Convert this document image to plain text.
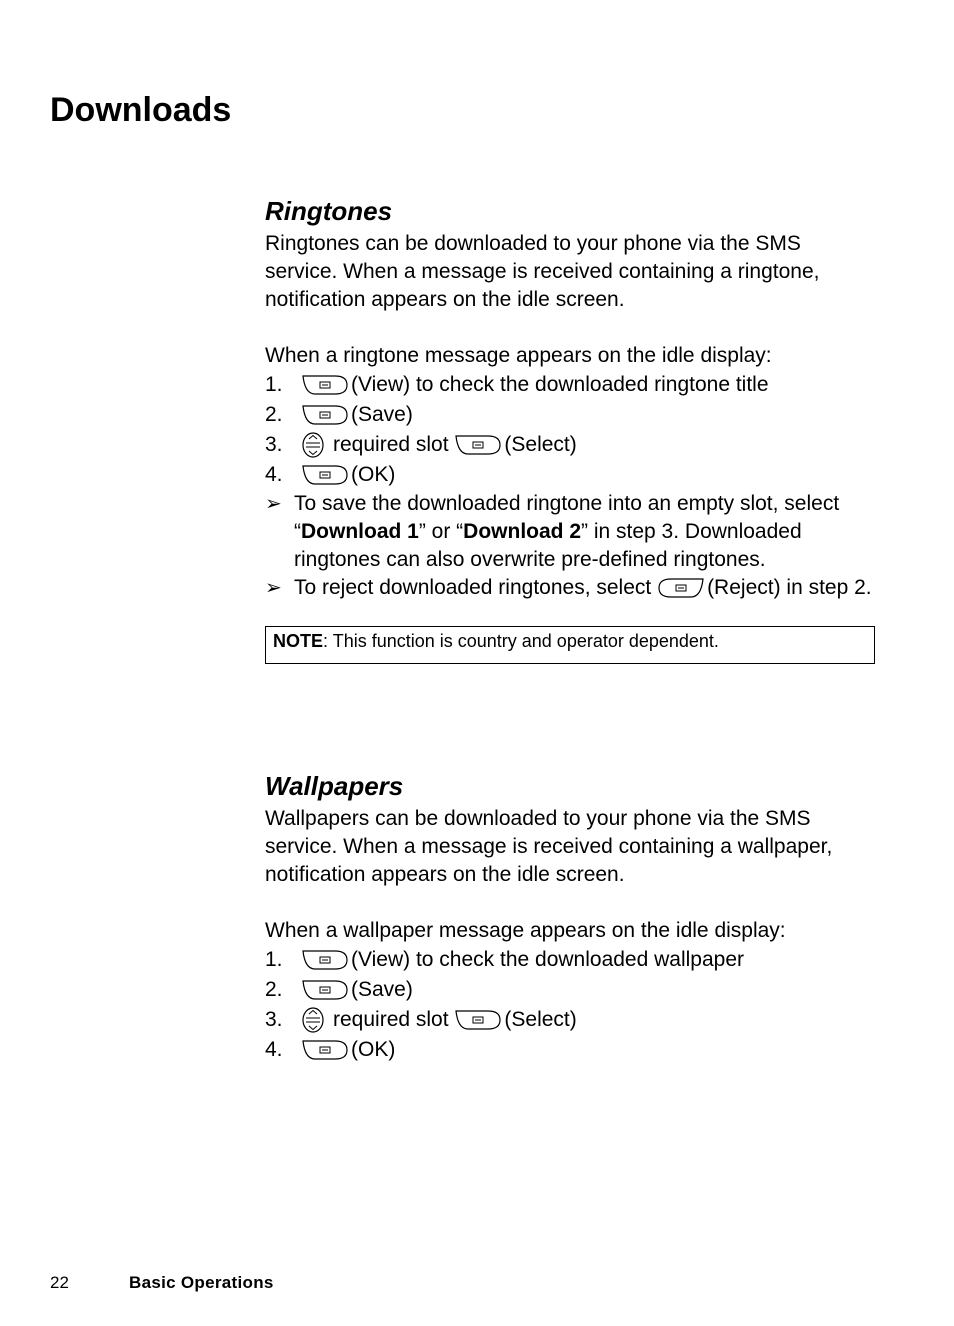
Downloads
Ringtones

Ringtones can be downloaded to your phone via the SMS service. When a message is received containing a ringtone, notification appears on the idle screen.

When a ringtone message appears on the idle display:

1.	(View) to check the downloaded ringtone title
2.	(Save)
3.	required slot
	(Select)
4.	(OK)

➢ To save the downloaded ringtone into an empty slot, select “Download 1” or “Download 2” in step 3. Downloaded ringtones can also overwrite pre-defined ringtones.

➢ To reject downloaded ringtones, select	(Reject) in step 2.

NOTE: This function is country and operator dependent.

Wallpapers

Wallpapers can be downloaded to your phone via the SMS service. When a message is received containing a wallpaper, notification appears on the idle screen.

When a wallpaper message appears on the idle display:

1.	(View) to check the downloaded wallpaper
2.	(Save)
3.	required slot
	(Select)
4.	(OK)
22	Basic Operations
